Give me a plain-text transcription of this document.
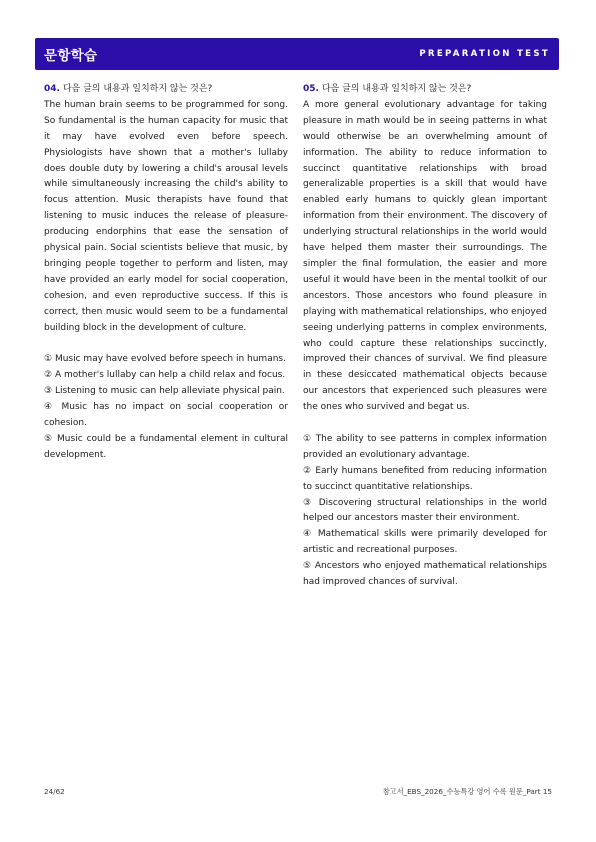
문항학습	PREPARATION TEST
04. 다음 글의 내용과 일치하지 않는 것은?

The human brain seems to be programmed for song. So fundamental is the human capacity for music that it may have evolved even before speech. Physiologists have shown that a mother's lullaby does double duty by lowering a child's arousal levels while simultaneously increasing the child's ability to focus attention. Music therapists have found that listening to music induces the release of pleasure-producing endorphins that ease the sensation of physical pain. Social scientists believe that music, by bringing people together to perform and listen, may have provided an early model for social cooperation, cohesion, and even reproductive success. If this is correct, then music would seem to be a fundamental building block in the development of culture.

① Music may have evolved before speech in humans.
② A mother's lullaby can help a child relax and focus.
③ Listening to music can help alleviate physical pain.
④ Music has no impact on social cooperation or cohesion.
⑤ Music could be a fundamental element in cultural development.
05. 다음 글의 내용과 일치하지 않는 것은?

A more general evolutionary advantage for taking pleasure in math would be in seeing patterns in what would otherwise be an overwhelming amount of information. The ability to reduce information to succinct quantitative relationships with broad generalizable properties is a skill that would have enabled early humans to quickly glean important information from their environment. The discovery of underlying structural relationships in the world would have helped them master their surroundings. The simpler the final formulation, the easier and more useful it would have been in the mental toolkit of our ancestors. Those ancestors who found pleasure in playing with mathematical relationships, who enjoyed seeing underlying patterns in complex environments, who could capture these relationships succinctly, improved their chances of survival. We find pleasure in these desiccated mathematical objects because our ancestors that experienced such pleasures were the ones who survived and begat us.

① The ability to see patterns in complex information provided an evolutionary advantage.
② Early humans benefited from reducing information to succinct quantitative relationships.
③ Discovering structural relationships in the world helped our ancestors master their environment.
④ Mathematical skills were primarily developed for artistic and recreational purposes.
⑤ Ancestors who enjoyed mathematical relationships had improved chances of survival.
24/62	참고서_EBS_2026_수능특강 영어 수록 원문_Part 15
